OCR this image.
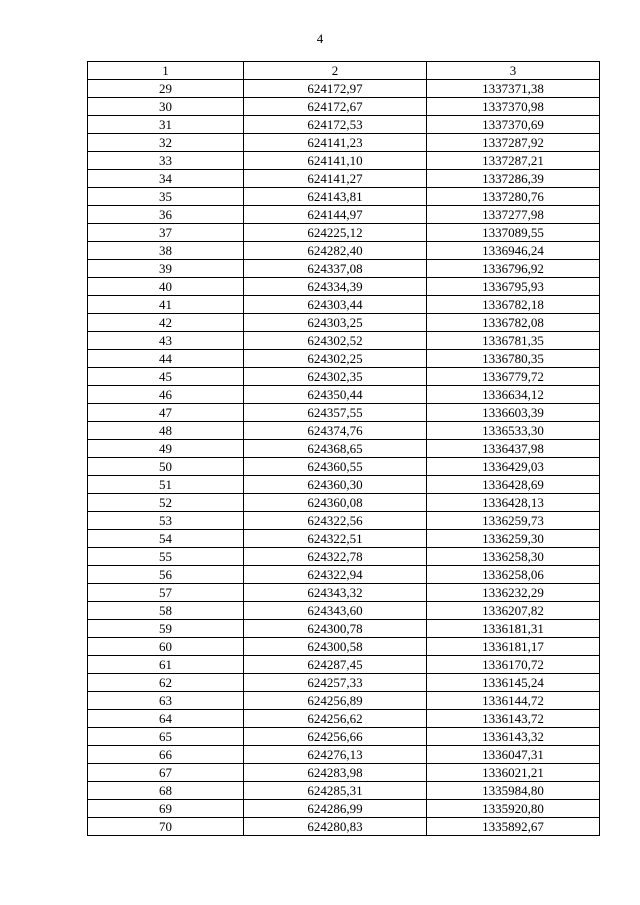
4
1	2	3
29	624172,97	1337371,38
30	624172,67	1337370,98
31	624172,53	1337370,69
32	624141,23	1337287,92
33	624141,10	1337287,21
34	624141,27	1337286,39
35	624143,81	1337280,76
36	624144,97	1337277,98
37	624225,12	1337089,55
38	624282,40	1336946,24
39	624337,08	1336796,92
40	624334,39	1336795,93
41	624303,44	1336782,18
42	624303,25	1336782,08
43	624302,52	1336781,35
44	624302,25	1336780,35
45	624302,35	1336779,72
46	624350,44	1336634,12
47	624357,55	1336603,39
48	624374,76	1336533,30
49	624368,65	1336437,98
50	624360,55	1336429,03
51	624360,30	1336428,69
52	624360,08	1336428,13
53	624322,56	1336259,73
54	624322,51	1336259,30
55	624322,78	1336258,30
56	624322,94	1336258,06
57	624343,32	1336232,29
58	624343,60	1336207,82
59	624300,78	1336181,31
60	624300,58	1336181,17
61	624287,45	1336170,72
62	624257,33	1336145,24
63	624256,89	1336144,72
64	624256,62	1336143,72
65	624256,66	1336143,32
66	624276,13	1336047,31
67	624283,98	1336021,21
68	624285,31	1335984,80
69	624286,99	1335920,80
70	624280,83	1335892,67
